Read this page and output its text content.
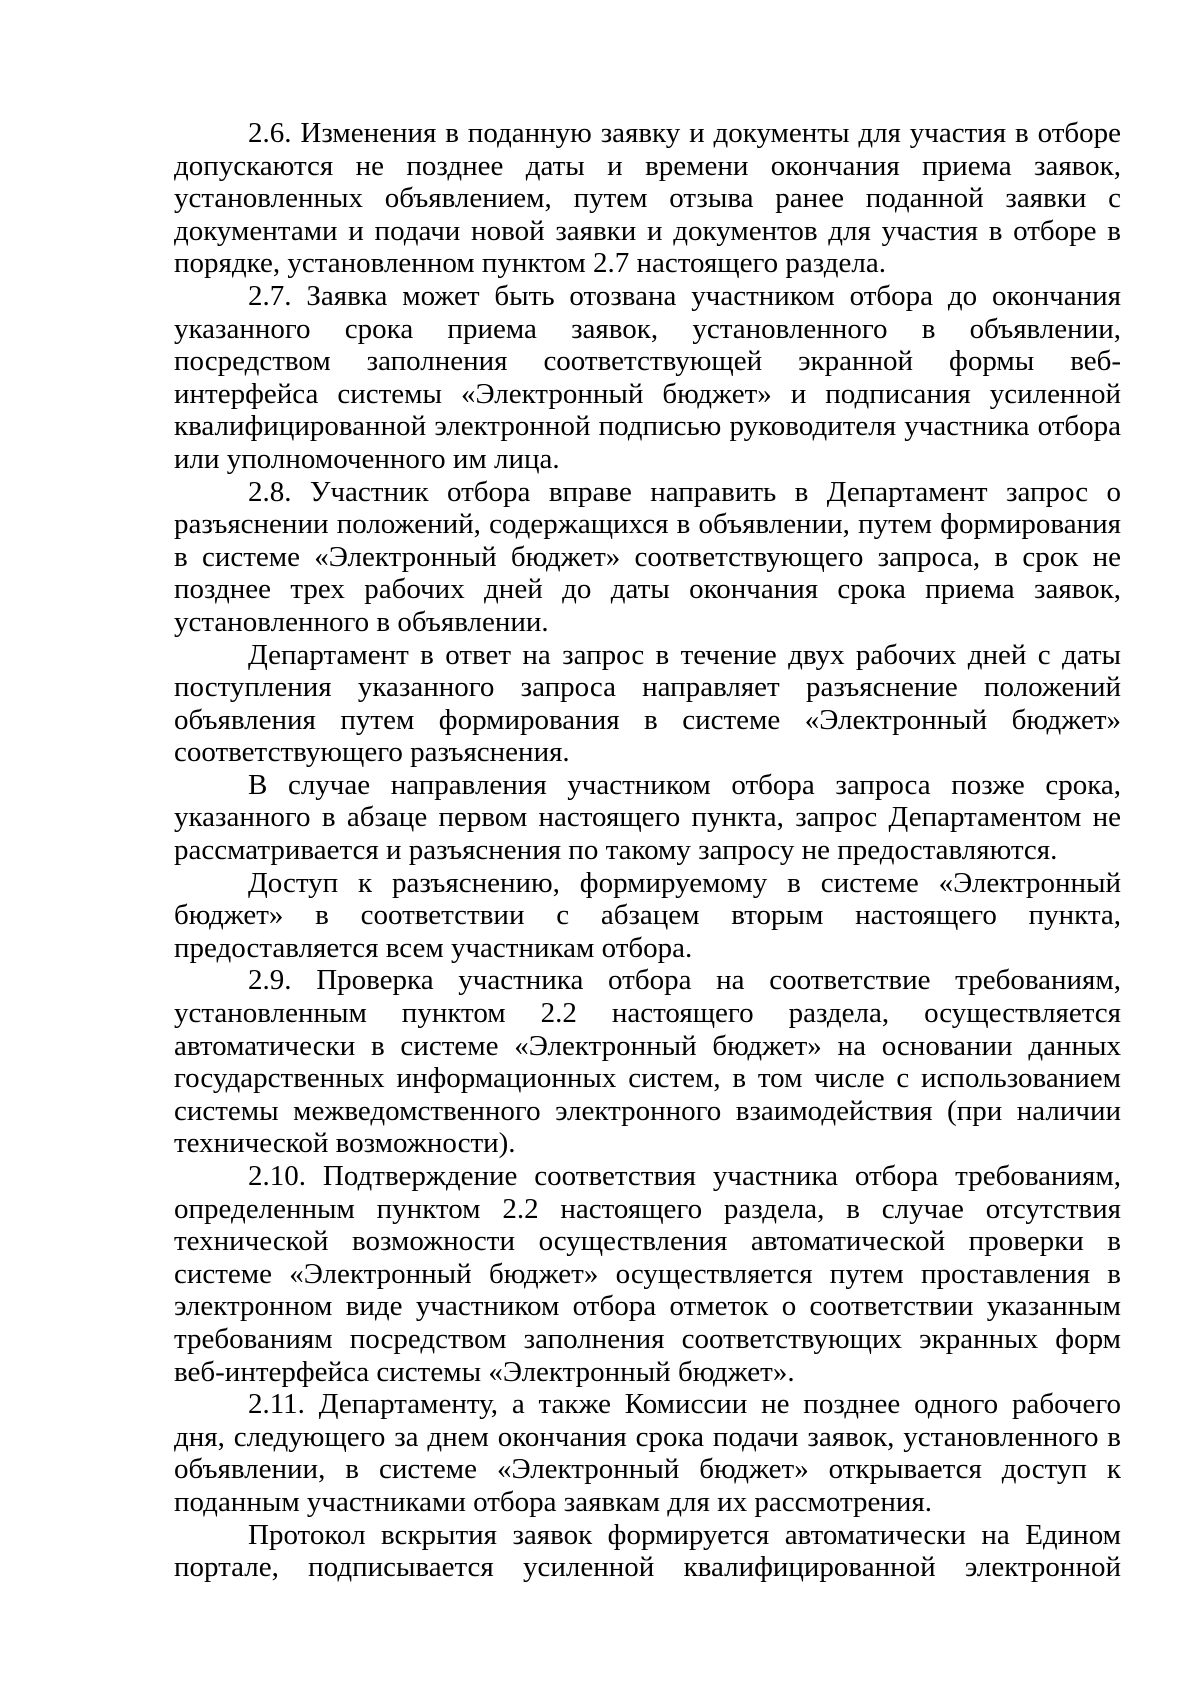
2.6. Изменения в поданную заявку и документы для участия в отборе допускаются не позднее даты и времени окончания приема заявок, установленных объявлением, путем отзыва ранее поданной заявки с документами и подачи новой заявки и документов для участия в отборе в порядке, установленном пунктом 2.7 настоящего раздела.

2.7. Заявка может быть отозвана участником отбора до окончания указанного срока приема заявок, установленного в объявлении, посредством заполнения соответствующей экранной формы веб-интерфейса системы «Электронный бюджет» и подписания усиленной квалифицированной электронной подписью руководителя участника отбора или уполномоченного им лица.

2.8. Участник отбора вправе направить в Департамент запрос о разъяснении положений, содержащихся в объявлении, путем формирования в системе «Электронный бюджет» соответствующего запроса, в срок не позднее трех рабочих дней до даты окончания срока приема заявок, установленного в объявлении.

Департамент в ответ на запрос в течение двух рабочих дней с даты поступления указанного запроса направляет разъяснение положений объявления путем формирования в системе «Электронный бюджет» соответствующего разъяснения.

В случае направления участником отбора запроса позже срока, указанного в абзаце первом настоящего пункта, запрос Департаментом не рассматривается и разъяснения по такому запросу не предоставляются.

Доступ к разъяснению, формируемому в системе «Электронный бюджет» в соответствии с абзацем вторым настоящего пункта, предоставляется всем участникам отбора.

2.9. Проверка участника отбора на соответствие требованиям, установленным пунктом 2.2 настоящего раздела, осуществляется автоматически в системе «Электронный бюджет» на основании данных государственных информационных систем, в том числе с использованием системы межведомственного электронного взаимодействия (при наличии технической возможности).

2.10. Подтверждение соответствия участника отбора требованиям, определенным пунктом 2.2 настоящего раздела, в случае отсутствия технической возможности осуществления автоматической проверки в системе «Электронный бюджет» осуществляется путем проставления в электронном виде участником отбора отметок о соответствии указанным требованиям посредством заполнения соответствующих экранных форм веб-интерфейса системы «Электронный бюджет».

2.11. Департаменту, а также Комиссии не позднее одного рабочего дня, следующего за днем окончания срока подачи заявок, установленного в объявлении, в системе «Электронный бюджет» открывается доступ к поданным участниками отбора заявкам для их рассмотрения.

Протокол вскрытия заявок формируется автоматически на Едином портале, подписывается усиленной квалифицированной электронной
